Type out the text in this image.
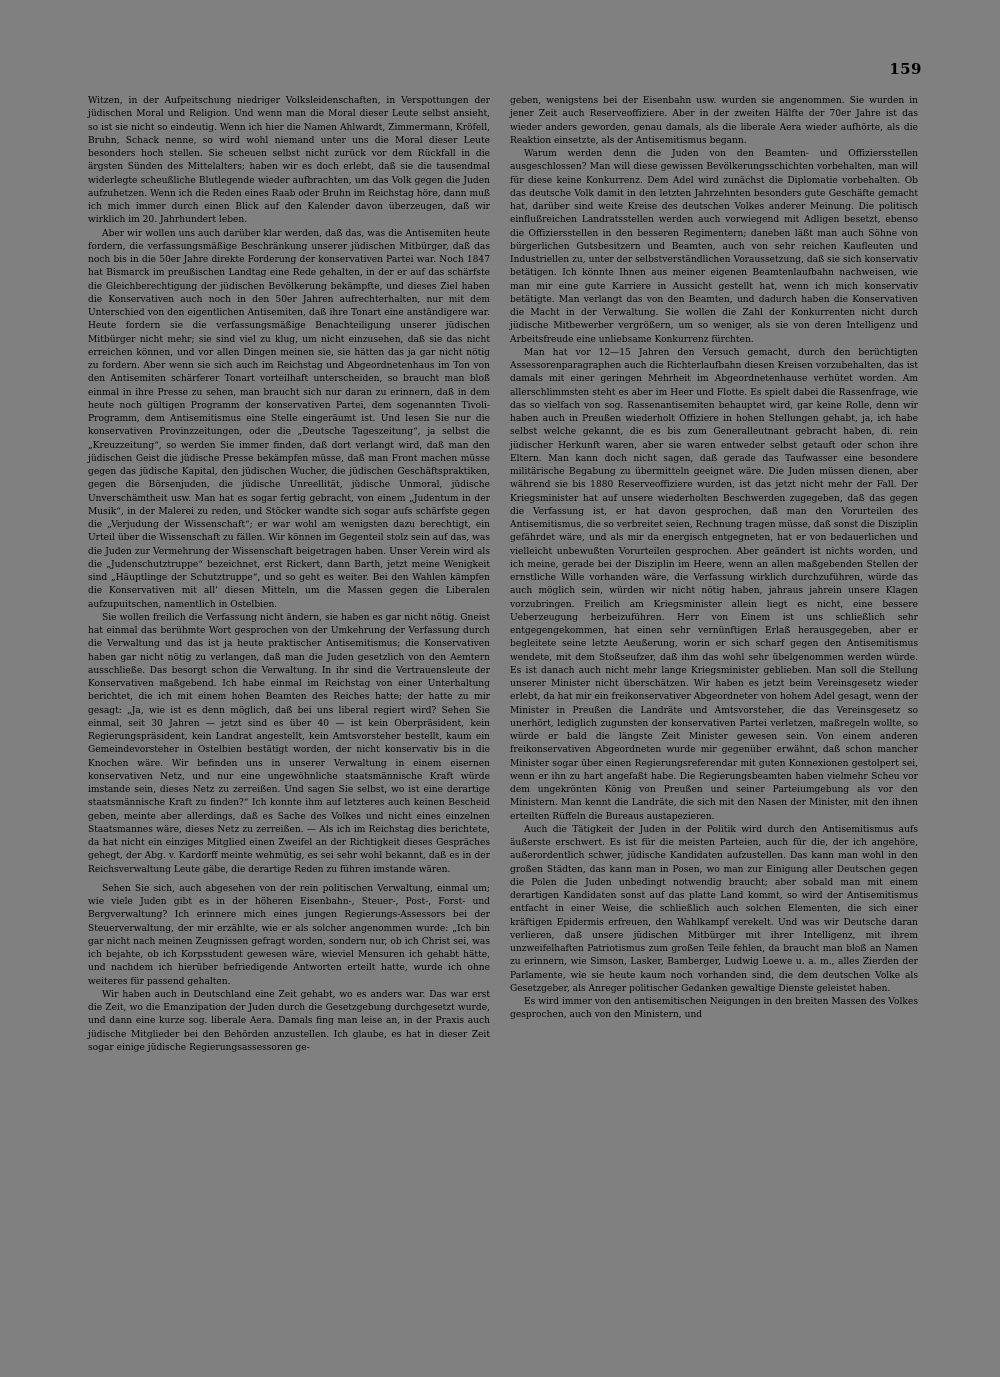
159

Witzen, in der Aufpeitschung niedriger Volksleidenschaften, in Verspottungen der jüdischen Moral und Religion. Und wenn man die Moral dieser Leute selbst ansieht, so ist sie nicht so eindeutig. Wenn ich hier die Namen Ahlwardt, Zimmermann, Kröfell, Bruhn, Schack nenne, so wird wohl niemand unter uns die Moral dieser Leute besonders hoch stellen. Sie scheuen selbst nicht zurück vor dem Rückfall in die ärgsten Sünden des Mittelalters; haben wir es doch erlebt, daß sie die tausendmal widerlegte scheußliche Blutlegende wieder aufbrachten, um das Volk gegen die Juden aufzuhetzen. Wenn ich die Reden eines Raab oder Bruhn im Reichstag höre, dann muß ich mich immer durch einen Blick auf den Kalender davon überzeugen, daß wir wirklich im 20. Jahrhundert leben.

Aber wir wollen uns auch darüber klar werden, daß das, was die Antisemiten heute fordern, die verfassungsmäßige Beschränkung unserer jüdischen Mitbürger, daß das noch bis in die 50er Jahre direkte Forderung der konservativen Partei war. Noch 1847 hat Bismarck im preußischen Landtag eine Rede gehalten, in der er auf das schärfste die Gleichberechtigung der jüdischen Bevölkerung bekämpfte, und dieses Ziel haben die Konservativen auch noch in den 50er Jahren aufrechterhalten, nur mit dem Unterschied von den eigentlichen Antisemiten, daß ihre Tonart eine anständigere war. Heute fordern sie die verfassungsmäßige Benachteiligung unserer jüdischen Mitbürger nicht mehr; sie sind viel zu klug, um nicht einzusehen, daß sie das nicht erreichen können, und vor allen Dingen meinen sie, sie hätten das ja gar nicht nötig zu fordern. Aber wenn sie sich auch im Reichstag und Abgeordnetenhaus im Ton von den Antisemiten schärferer Tonart vorteilhaft unterscheiden, so braucht man bloß einmal in ihre Presse zu sehen, man braucht sich nur daran zu erinnern, daß in dem heute noch gültigen Programm der konservativen Partei, dem sogenannten Tivoli-Programm, dem Antisemitismus eine Stelle eingeräumt ist. Und lesen Sie nur die konservativen Provinzzeitungen, oder die „Deutsche Tageszeitung“, ja selbst die „Kreuzzeitung“, so werden Sie immer finden, daß dort verlangt wird, daß man den jüdischen Geist die jüdische Presse bekämpfen müsse, daß man Front machen müsse gegen das jüdische Kapital, den jüdischen Wucher, die jüdischen Geschäftspraktiken, gegen die Börsenjuden, die jüdische Unreellität, jüdische Unmoral, jüdische Unverschämtheit usw. Man hat es sogar fertig gebracht, von einem „Judentum in der Musik“, in der Malerei zu reden, und Stöcker wandte sich sogar aufs schärfste gegen die „Verjudung der Wissenschaft“; er war wohl am wenigsten dazu berechtigt, ein Urteil über die Wissenschaft zu fällen. Wir können im Gegenteil stolz sein auf das, was die Juden zur Vermehrung der Wissenschaft beigetragen haben. Unser Verein wird als die „Judenschutztruppe“ bezeichnet, erst Rickert, dann Barth, jetzt meine Wenigkeit sind „Häuptlinge der Schutztruppe“, und so geht es weiter. Bei den Wahlen kämpfen die Konservativen mit all' diesen Mitteln, um die Massen gegen die Liberalen aufzupuitschen, namentlich in Ostelbien.

Sie wollen freilich die Verfassung nicht ändern, sie haben es gar nicht nötig. Gneist hat einmal das berühmte Wort gesprochen von der Umkehrung der Verfassung durch die Verwaltung und das ist ja heute praktischer Antisemitismus; die Konservativen haben gar nicht nötig zu verlangen, daß man die Juden gesetzlich von den Aemtern ausschließe. Das besorgt schon die Verwaltung. In ihr sind die Vertrauensleute der Konservativen maßgebend. Ich habe einmal im Reichstag von einer Unterhaltung berichtet, die ich mit einem hohen Beamten des Reiches hatte; der hatte zu mir gesagt: „Ja, wie ist es denn möglich, daß bei uns liberal regiert wird? Sehen Sie einmal, seit 30 Jahren — jetzt sind es über 40 — ist kein Oberpräsident, kein Regierungspräsident, kein Landrat angestellt, kein Amtsvorsteher bestellt, kaum ein Gemeindevorsteher in Ostelbien bestätigt worden, der nicht konservativ bis in die Knochen wäre. Wir befinden uns in unserer Verwaltung in einem eisernen konservativen Netz, und nur eine ungewöhnliche staatsmännische Kraft würde imstande sein, dieses Netz zu zerreißen. Und sagen Sie selbst, wo ist eine derartige staatsmännische Kraft zu finden?“ Ich konnte ihm auf letzteres auch keinen Bescheid geben, meinte aber allerdings, daß es Sache des Volkes und nicht eines einzelnen Staatsmannes wäre, dieses Netz zu zerreißen. — Als ich im Reichstag dies berichtete, da hat nicht ein einziges Mitglied einen Zweifel an der Richtigkeit dieses Gespräches gehegt, der Abg. v. Kardorff meinte wehmütig, es sei sehr wohl bekannt, daß es in der Reichsverwaltung Leute gäbe, die derartige Reden zu führen imstande wären.

Sehen Sie sich, auch abgesehen von der rein politischen Verwaltung, einmal um; wie viele Juden gibt es in der höheren Eisenbahn-, Steuer-, Post-, Forst- und Bergverwaltung? Ich erinnere mich eines jungen Regierungs-Assessors bei der Steuerverwaltung, der mir erzählte, wie er als solcher angenommen wurde: „Ich bin gar nicht nach meinen Zeugnissen gefragt worden, sondern nur, ob ich Christ sei, was ich bejahte, ob ich Korpsstudent gewesen wäre, wieviel Mensuren ich gehabt hätte, und nachdem ich hierüber befriedigende Antworten erteilt hatte, wurde ich ohne weiteres für passend gehalten.

Wir haben auch in Deutschland eine Zeit gehabt, wo es anders war. Das war erst die Zeit, wo die Emanzipation der Juden durch die Gesetzgebung durchgesetzt wurde, und dann eine kurze sog. liberale Aera. Damals fing man leise an, in der Praxis auch jüdische Mitglieder bei den Behörden anzustellen. Ich glaube, es hat in dieser Zeit sogar einige jüdische Regierungsassessoren ge-

geben, wenigstens bei der Eisenbahn usw. wurden sie angenommen. Sie wurden in jener Zeit auch Reserveoffiziere. Aber in der zweiten Hälfte der 70er Jahre ist das wieder anders geworden, genau damals, als die liberale Aera wieder aufhörte, als die Reaktion einsetzte, als der Antisemitismus begann.

Warum werden denn die Juden von den Beamten- und Offiziersstellen ausgeschlossen? Man will diese gewissen Bevölkerungsschichten vorbehalten, man will für diese keine Konkurrenz. Dem Adel wird zunächst die Diplomatie vorbehalten. Ob das deutsche Volk damit in den letzten Jahrzehnten besonders gute Geschäfte gemacht hat, darüber sind weite Kreise des deutschen Volkes anderer Meinung. Die politisch einflußreichen Landratsstellen werden auch vorwiegend mit Adligen besetzt, ebenso die Offiziersstellen in den besseren Regimentern; daneben läßt man auch Söhne von bürgerlichen Gutsbesitzern und Beamten, auch von sehr reichen Kaufleuten und Industriellen zu, unter der selbstverständlichen Voraussetzung, daß sie sich konservativ betätigen. Ich könnte Ihnen aus meiner eigenen Beamtenlaufbahn nachweisen, wie man mir eine gute Karriere in Aussicht gestellt hat, wenn ich mich konservativ betätigte. Man verlangt das von den Beamten, und dadurch haben die Konservativen die Macht in der Verwaltung. Sie wollen die Zahl der Konkurrenten nicht durch jüdische Mitbewerber vergrößern, um so weniger, als sie von deren Intelligenz und Arbeitsfreude eine unliebsame Konkurrenz fürchten.

Man hat vor 12—15 Jahren den Versuch gemacht, durch den berüchtigten Assessorenparagraphen auch die Richterlaufbahn diesen Kreisen vorzubehalten, das ist damals mit einer geringen Mehrheit im Abgeordnetenhause verhütet worden. Am allerschlimmsten steht es aber im Heer und Flotte. Es spielt dabei die Rassenfrage, wie das so vielfach von sog. Rassenantisemiten behauptet wird, gar keine Rolle, denn wir haben auch in Preußen wiederholt Offiziere in hohen Stellungen gehabt, ja, ich habe selbst welche gekannt, die es bis zum Generalleutnant gebracht haben, di. rein jüdischer Herkunft waren, aber sie waren entweder selbst getauft oder schon ihre Eltern. Man kann doch nicht sagen, daß gerade das Taufwasser eine besondere militärische Begabung zu übermitteln geeignet wäre. Die Juden müssen dienen, aber während sie bis 1880 Reserveoffiziere wurden, ist das jetzt nicht mehr der Fall. Der Kriegsminister hat auf unsere wiederholten Beschwerden zugegeben, daß das gegen die Verfassung ist, er hat davon gesprochen, daß man den Vorurteilen des Antisemitismus, die so verbreitet seien, Rechnung tragen müsse, daß sonst die Disziplin gefährdet wäre, und als mir da energisch entgegneten, hat er von bedauerlichen und vielleicht unbewußten Vorurteilen gesprochen. Aber geändert ist nichts worden, und ich meine, gerade bei der Disziplin im Heere, wenn an allen maßgebenden Stellen der ernstliche Wille vorhanden wäre, die Verfassung wirklich durchzuführen, würde das auch möglich sein, würden wir nicht nötig haben, jahraus jahrein unsere Klagen vorzubringen. Freilich am Kriegsminister allein liegt es nicht, eine bessere Ueberzeugung herbeizuführen. Herr von Einem ist uns schließlich sehr entgegengekommen, hat einen sehr vernünftigen Erlaß herausgegeben, aber er begleitete seine letzte Aeußerung, worin er sich scharf gegen den Antisemitismus wendete, mit dem Stoßseufzer, daß ihm das wohl sehr übelgenommen werden würde. Es ist danach auch nicht mehr lange Kriegsminister geblieben. Man soll die Stellung unserer Minister nicht überschätzen. Wir haben es jetzt beim Vereinsgesetz wieder erlebt, da hat mir ein freikonservativer Abgeordneter von hohem Adel gesagt, wenn der Minister in Preußen die Landräte und Amtsvorsteher, die das Vereinsgesetz so unerhört, lediglich zugunsten der konservativen Partei verletzen, maßregeln wollte, so würde er bald die längste Zeit Minister gewesen sein. Von einem anderen freikonservativen Abgeordneten wurde mir gegenüber erwähnt, daß schon mancher Minister sogar über einen Regierungsreferendar mit guten Konnexionen gestolpert sei, wenn er ihn zu hart angefaßt habe. Die Regierungsbeamten haben vielmehr Scheu vor dem ungekrönten König von Preußen und seiner Parteiumgebung als vor den Ministern. Man kennt die Landräte, die sich mit den Nasen der Minister, mit den ihnen erteilten Rüffeln die Bureaus austapezieren.

Auch die Tätigkeit der Juden in der Politik wird durch den Antisemitismus aufs äußerste erschwert. Es ist für die meisten Parteien, auch für die, der ich angehöre, außerordentlich schwer, jüdische Kandidaten aufzustellen. Das kann man wohl in den großen Städten, das kann man in Posen, wo man zur Einigung aller Deutschen gegen die Polen die Juden unbedingt notwendig braucht; aber sobald man mit einem derartigen Kandidaten sonst auf das platte Land kommt, so wird der Antisemitismus entfacht in einer Weise, die schließlich auch solchen Elementen, die sich einer kräftigen Epidermis erfreuen, den Wahlkampf verekelt. Und was wir Deutsche daran verlieren, daß unsere jüdischen Mitbürger mit ihrer Intelligenz, mit ihrem unzweifelhaften Patriotismus zum großen Teile fehlen, da braucht man bloß an Namen zu erinnern, wie Simson, Lasker, Bamberger, Ludwig Loewe u. a. m., alles Zierden der Parlamente, wie sie heute kaum noch vorhanden sind, die dem deutschen Volke als Gesetzgeber, als Anreger politischer Gedanken gewaltige Dienste geleistet haben.

Es wird immer von den antisemitischen Neigungen in den breiten Massen des Volkes gesprochen, auch von den Ministern, und
